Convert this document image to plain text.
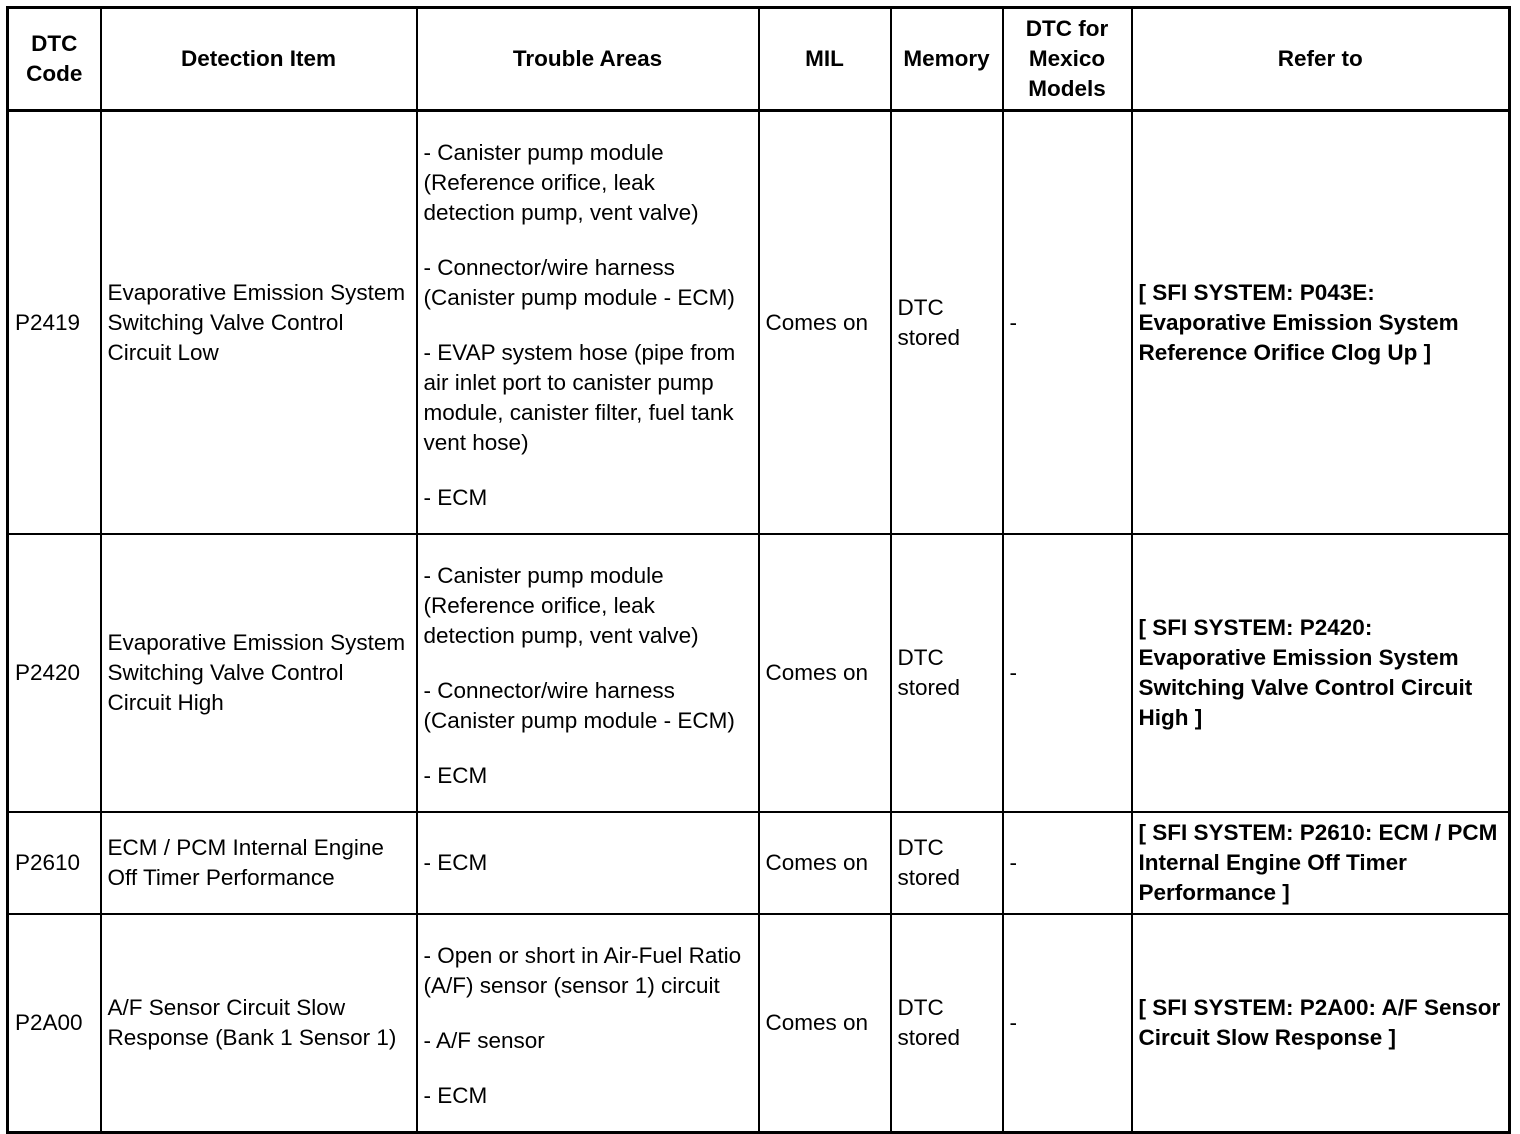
DTC Code	Detection Item	Trouble Areas	MIL	Memory	DTC for Mexico Models	Refer to
P2419	Evaporative Emission System Switching Valve Control Circuit Low	- Canister pump module (Reference orifice, leak detection pump, vent valve)
- Connector/wire harness (Canister pump module - ECM)
- EVAP system hose (pipe from air inlet port to canister pump module, canister filter, fuel tank vent hose)
- ECM	Comes on	DTC stored	-	[ SFI SYSTEM: P043E: Evaporative Emission System Reference Orifice Clog Up ]
P2420	Evaporative Emission System Switching Valve Control Circuit High	- Canister pump module (Reference orifice, leak detection pump, vent valve)
- Connector/wire harness (Canister pump module - ECM)
- ECM	Comes on	DTC stored	-	[ SFI SYSTEM: P2420: Evaporative Emission System Switching Valve Control Circuit High ]
P2610	ECM / PCM Internal Engine Off Timer Performance	- ECM	Comes on	DTC stored	-	[ SFI SYSTEM: P2610: ECM / PCM Internal Engine Off Timer Performance ]
P2A00	A/F Sensor Circuit Slow Response (Bank 1 Sensor 1)	- Open or short in Air-Fuel Ratio (A/F) sensor (sensor 1) circuit
- A/F sensor
- ECM	Comes on	DTC stored	-	[ SFI SYSTEM: P2A00: A/F Sensor Circuit Slow Response ]
